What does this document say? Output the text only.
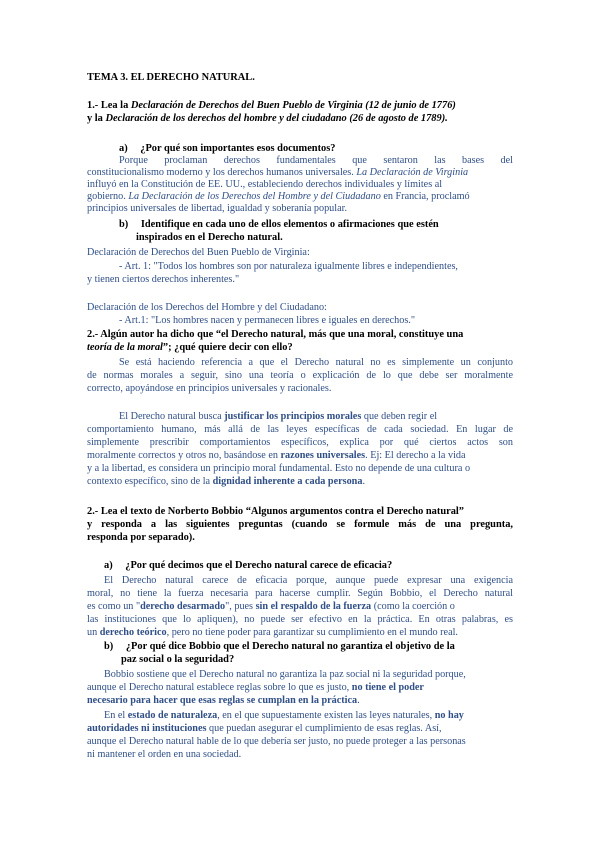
TEMA 3. EL DERECHO NATURAL.
1.- Lea la Declaración de Derechos del Buen Pueblo de Virginia (12 de junio de 1776)
y la Declaración de los derechos del hombre y del ciudadano (26 de agosto de 1789).
a) ¿Por qué son importantes esos documentos?
Porque proclaman derechos fundamentales que sentaron las bases del
constitucionalismo moderno y los derechos humanos universales. La Declaración de Virginia
influyó en la Constitución de EE. UU., estableciendo derechos individuales y límites al
gobierno. La Declaración de los Derechos del Hombre y del Ciudadano en Francia, proclamó
principios universales de libertad, igualdad y soberanía popular.
b) Identifique en cada uno de ellos elementos o afirmaciones que estén
inspirados en el Derecho natural.
Declaración de Derechos del Buen Pueblo de Virginia:
- Art. 1: "Todos los hombres son por naturaleza igualmente libres e independientes,
y tienen ciertos derechos inherentes."
Declaración de los Derechos del Hombre y del Ciudadano:
- Art.1: "Los hombres nacen y permanecen libres e iguales en derechos."
2.- Algún autor ha dicho que “el Derecho natural, más que una moral, constituye una
teoría de la moral”; ¿qué quiere decir con ello?
Se está haciendo referencia a que el Derecho natural no es simplemente un conjunto
de normas morales a seguir, sino una teoría o explicación de lo que debe ser moralmente
correcto, apoyándose en principios universales y racionales.
El Derecho natural busca justificar los principios morales que deben regir el
comportamiento humano, más allá de las leyes específicas de cada sociedad. En lugar de
simplemente prescribir comportamientos específicos, explica por qué ciertos actos son
moralmente correctos y otros no, basándose en razones universales. Ej: El derecho a la vida
y a la libertad, es considera un principio moral fundamental. Esto no depende de una cultura o
contexto específico, sino de la dignidad inherente a cada persona.
2.- Lea el texto de Norberto Bobbio “Algunos argumentos contra el Derecho natural”
y responda a las siguientes preguntas (cuando se formule más de una pregunta,
responda por separado).
a) ¿Por qué decimos que el Derecho natural carece de eficacia?
El Derecho natural carece de eficacia porque, aunque puede expresar una exigencia
moral, no tiene la fuerza necesaria para hacerse cumplir. Según Bobbio, el Derecho natural
es como un "derecho desarmado", pues sin el respaldo de la fuerza (como la coerción o
las instituciones que lo apliquen), no puede ser efectivo en la práctica. En otras palabras, es
un derecho teórico, pero no tiene poder para garantizar su cumplimiento en el mundo real.
b) ¿Por qué dice Bobbio que el Derecho natural no garantiza el objetivo de la
paz social o la seguridad?
Bobbio sostiene que el Derecho natural no garantiza la paz social ni la seguridad porque,
aunque el Derecho natural establece reglas sobre lo que es justo, no tiene el poder
necesario para hacer que esas reglas se cumplan en la práctica.
En el estado de naturaleza, en el que supuestamente existen las leyes naturales, no hay
autoridades ni instituciones que puedan asegurar el cumplimiento de esas reglas. Así,
aunque el Derecho natural hable de lo que debería ser justo, no puede proteger a las personas
ni mantener el orden en una sociedad.
